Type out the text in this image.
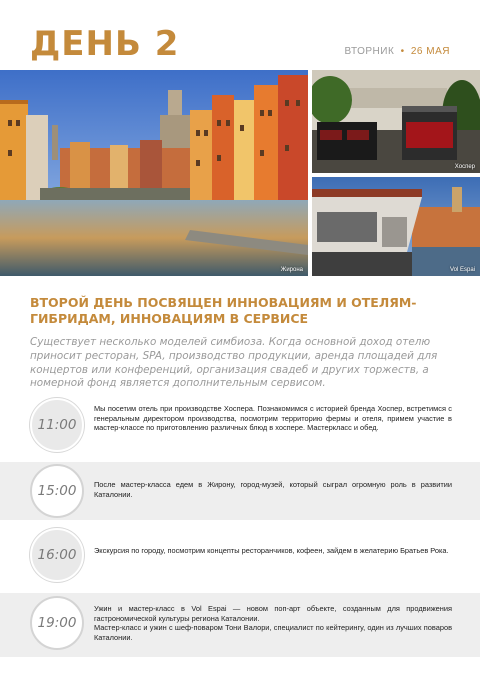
ДЕНЬ 2	ВТОРНИК • 26 МАЯ
Жирона
Хоспер
Vol Espai
ВТОРОЙ ДЕНЬ ПОСВЯЩЕН ИННОВАЦИЯМ И ОТЕЛЯМ-ГИБРИДАМ, ИННОВАЦИЯМ В СЕРВИСЕ

Существует несколько моделей симбиоза. Когда основной доход отелю приносит ресторан, SPA, производство продукции, аренда площадей для концертов или конференций, организация свадеб и других торжеств, а номерной фонд является дополнительным сервисом.

11:00
Мы посетим отель при производстве Хоспера. Познакомимся с историей бренда Хоспер, встретимся с генеральным директором производства, посмотрим территорию фермы и отеля, примем участие в мастер-классе по приготовлению различных блюд в хоспере. Мастеркласс и обед.
15:00 После мастер-класса едем в Жирону, город-музей, который сыграл огромную роль в развитии Каталонии.
16:00 Экскурсия по городу, посмотрим концепты ресторанчиков, кофеен, зайдем в желатерию Братьев Рока.
19:00
Ужин и мастер-класс в Vol Espai — новом поп-арт объекте, созданным для продвижения гастрономической культуры региона Каталонии.
Мастер-класс и ужин с шеф-поваром Тони Валори, специалист по кейтерингу, один из лучших поваров Каталонии.
